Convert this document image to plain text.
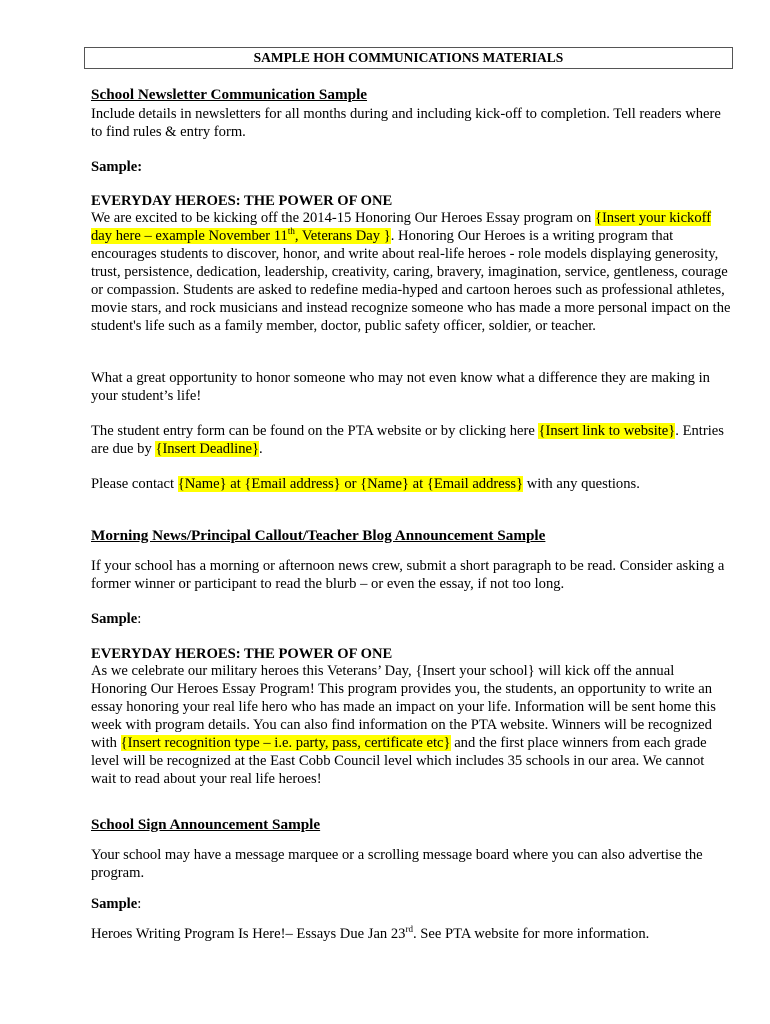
SAMPLE HOH COMMUNICATIONS MATERIALS
School Newsletter Communication Sample
Include details in newsletters for all months during and including kick-off to completion. Tell readers where to find rules & entry form.
Sample:
EVERYDAY HEROES: THE POWER OF ONE
We are excited to be kicking off the 2014-15 Honoring Our Heroes Essay program on {Insert your kickoff day here – example November 11th, Veterans Day }. Honoring Our Heroes is a writing program that encourages students to discover, honor, and write about real-life heroes - role models displaying generosity, trust, persistence, dedication, leadership, creativity, caring, bravery, imagination, service, gentleness, courage or compassion. Students are asked to redefine media-hyped and cartoon heroes such as professional athletes, movie stars, and rock musicians and instead recognize someone who has made a more personal impact on the student's life such as a family member, doctor, public safety officer, soldier, or teacher.
What a great opportunity to honor someone who may not even know what a difference they are making in your student’s life!
The student entry form can be found on the PTA website or by clicking here {Insert link to website}. Entries are due by {Insert Deadline}.
Please contact {Name} at {Email address} or {Name} at {Email address} with any questions.
Morning News/Principal Callout/Teacher Blog Announcement Sample
If your school has a morning or afternoon news crew, submit a short paragraph to be read. Consider asking a former winner or participant to read the blurb – or even the essay, if not too long.
Sample:
EVERYDAY HEROES: THE POWER OF ONE
As we celebrate our military heroes this Veterans’ Day, {Insert your school} will kick off the annual Honoring Our Heroes Essay Program! This program provides you, the students, an opportunity to write an essay honoring your real life hero who has made an impact on your life. Information will be sent home this week with program details. You can also find information on the PTA website. Winners will be recognized with {Insert recognition type – i.e. party, pass, certificate etc} and the first place winners from each grade level will be recognized at the East Cobb Council level which includes 35 schools in our area. We cannot wait to read about your real life heroes!
School Sign Announcement Sample
Your school may have a message marquee or a scrolling message board where you can also advertise the program.
Sample:
Heroes Writing Program Is Here!– Essays Due Jan 23rd. See PTA website for more information.
